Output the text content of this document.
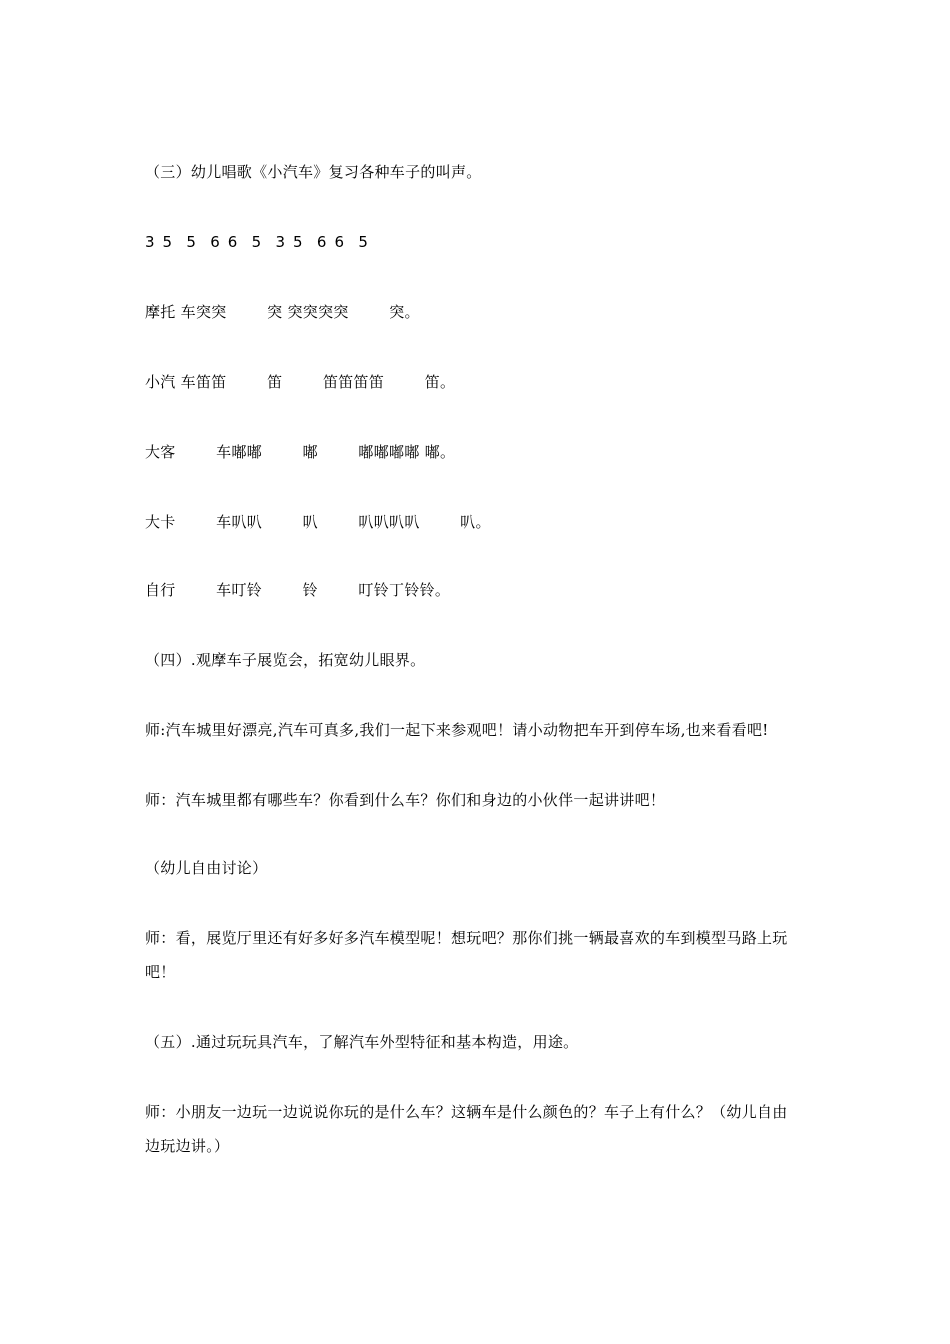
（三）幼儿唱歌《小汽车》复习各种车子的叫声。
3 5  5  6 6  5  3 5  6 6  5
摩托 车突突        突 突突突突        突。
小汽 车笛笛        笛        笛笛笛笛        笛。
大客        车嘟嘟        嘟        嘟嘟嘟嘟 嘟。
大卡        车叭叭        叭        叭叭叭叭        叭。
自行        车叮铃        铃        叮铃丁铃铃。
（四）.观摩车子展览会，拓宽幼儿眼界。
师:汽车城里好漂亮,汽车可真多,我们一起下来参观吧！请小动物把车开到停车场,也来看看吧!
师：汽车城里都有哪些车？你看到什么车？你们和身边的小伙伴一起讲讲吧！
（幼儿自由讨论）
师：看，展览厅里还有好多好多汽车模型呢！想玩吧？那你们挑一辆最喜欢的车到模型马路上玩
吧！
（五）.通过玩玩具汽车，了解汽车外型特征和基本构造，用途。
师：小朋友一边玩一边说说你玩的是什么车？这辆车是什么颜色的？车子上有什么？（幼儿自由
边玩边讲。）
